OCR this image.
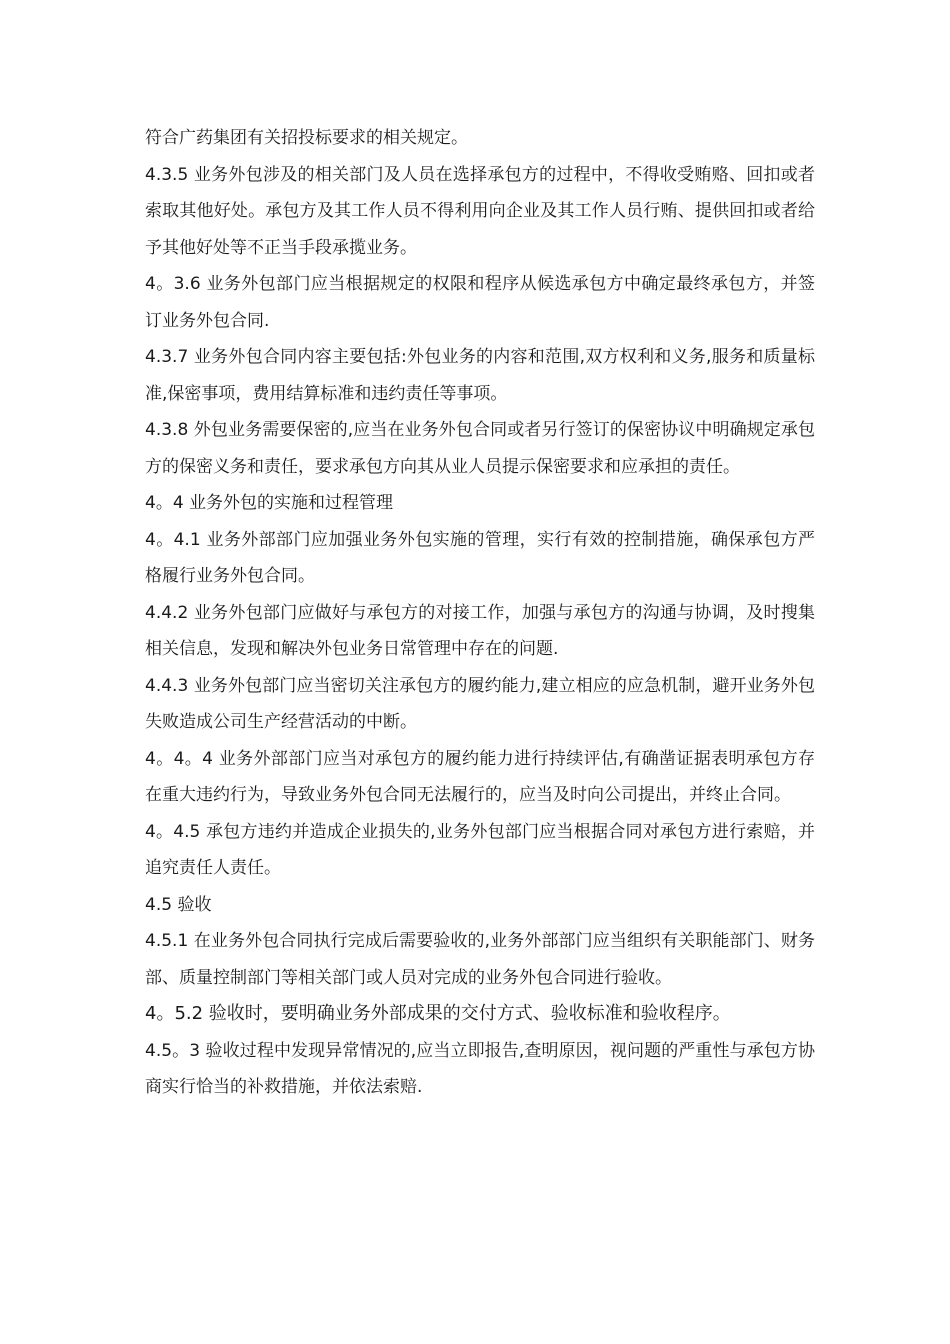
符合广药集团有关招投标要求的相关规定。

4.3.5 业务外包涉及的相关部门及人员在选择承包方的过程中，不得收受贿赂、回扣或者索取其他好处。承包方及其工作人员不得利用向企业及其工作人员行贿、提供回扣或者给予其他好处等不正当手段承揽业务。

4。3.6 业务外包部门应当根据规定的权限和程序从候选承包方中确定最终承包方，并签订业务外包合同.

4.3.7 业务外包合同内容主要包括:外包业务的内容和范围,双方权利和义务,服务和质量标准,保密事项，费用结算标准和违约责任等事项。

4.3.8 外包业务需要保密的,应当在业务外包合同或者另行签订的保密协议中明确规定承包方的保密义务和责任，要求承包方向其从业人员提示保密要求和应承担的责任。

4。4 业务外包的实施和过程管理

4。4.1 业务外部部门应加强业务外包实施的管理，实行有效的控制措施，确保承包方严格履行业务外包合同。

4.4.2 业务外包部门应做好与承包方的对接工作，加强与承包方的沟通与协调，及时搜集相关信息，发现和解决外包业务日常管理中存在的问题.

4.4.3 业务外包部门应当密切关注承包方的履约能力,建立相应的应急机制，避开业务外包失败造成公司生产经营活动的中断。

4。4。4 业务外部部门应当对承包方的履约能力进行持续评估,有确凿证据表明承包方存在重大违约行为，导致业务外包合同无法履行的，应当及时向公司提出，并终止合同。

4。4.5 承包方违约并造成企业损失的,业务外包部门应当根据合同对承包方进行索赔，并追究责任人责任。

4.5 验收

4.5.1 在业务外包合同执行完成后需要验收的,业务外部部门应当组织有关职能部门、财务部、质量控制部门等相关部门或人员对完成的业务外包合同进行验收。

4。5.2 验收时，要明确业务外部成果的交付方式、验收标准和验收程序。

4.5。3 验收过程中发现异常情况的,应当立即报告,查明原因，视问题的严重性与承包方协商实行恰当的补救措施，并依法索赔.
